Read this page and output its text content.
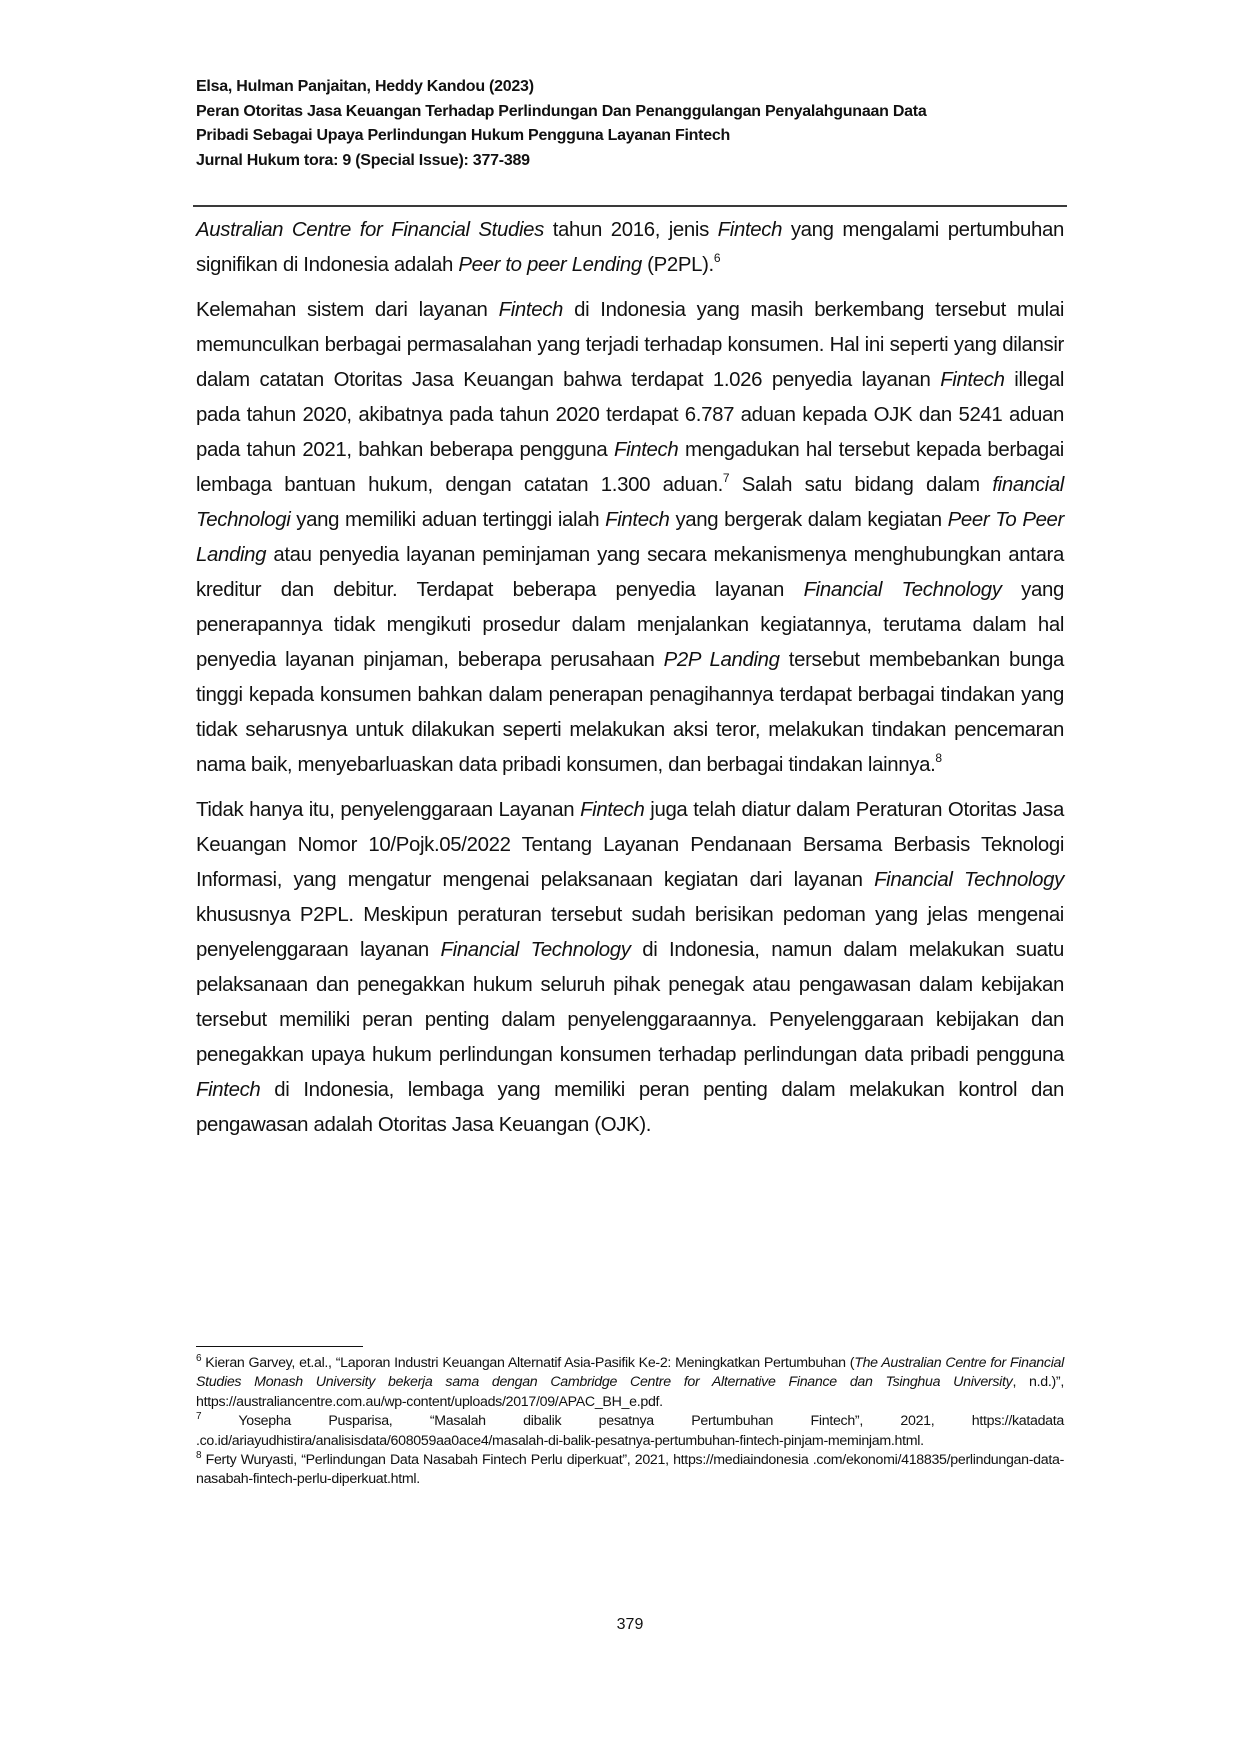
Elsa, Hulman Panjaitan, Heddy Kandou (2023)
Peran Otoritas Jasa Keuangan Terhadap Perlindungan Dan Penanggulangan Penyalahgunaan Data
Pribadi Sebagai Upaya Perlindungan Hukum Pengguna Layanan Fintech
Jurnal Hukum tora: 9 (Special Issue): 377-389

Australian Centre for Financial Studies tahun 2016, jenis Fintech yang mengalami pertumbuhan signifikan di Indonesia adalah Peer to peer Lending (P2PL).$^6$

Kelemahan sistem dari layanan Fintech di Indonesia yang masih berkembang tersebut mulai memunculkan berbagai permasalahan yang terjadi terhadap konsumen. Hal ini seperti yang dilansir dalam catatan Otoritas Jasa Keuangan bahwa terdapat 1.026 penyedia layanan Fintech illegal pada tahun 2020, akibatnya pada tahun 2020 terdapat 6.787 aduan kepada OJK dan 5241 aduan pada tahun 2021, bahkan beberapa pengguna Fintech mengadukan hal tersebut kepada berbagai lembaga bantuan hukum, dengan catatan 1.300 aduan.$^7$ Salah satu bidang dalam financial Technologi yang memiliki aduan tertinggi ialah Fintech yang bergerak dalam kegiatan Peer To Peer Landing atau penyedia layanan peminjaman yang secara mekanismenya menghubungkan antara kreditur dan debitur. Terdapat beberapa penyedia layanan Financial Technology yang penerapannya tidak mengikuti prosedur dalam menjalankan kegiatannya, terutama dalam hal penyedia layanan pinjaman, beberapa perusahaan P2P Landing tersebut membebankan bunga tinggi kepada konsumen bahkan dalam penerapan penagihannya terdapat berbagai tindakan yang tidak seharusnya untuk dilakukan seperti melakukan aksi teror, melakukan tindakan pencemaran nama baik, menyebarluaskan data pribadi konsumen, dan berbagai tindakan lainnya.$^8$

Tidak hanya itu, penyelenggaraan Layanan Fintech juga telah diatur dalam Peraturan Otoritas Jasa Keuangan Nomor 10/Pojk.05/2022 Tentang Layanan Pendanaan Bersama Berbasis Teknologi Informasi, yang mengatur mengenai pelaksanaan kegiatan dari layanan Financial Technology khususnya P2PL. Meskipun peraturan tersebut sudah berisikan pedoman yang jelas mengenai penyelenggaraan layanan Financial Technology di Indonesia, namun dalam melakukan suatu pelaksanaan dan penegakkan hukum seluruh pihak penegak atau pengawasan dalam kebijakan tersebut memiliki peran penting dalam penyelenggaraannya. Penyelenggaraan kebijakan dan penegakkan upaya hukum perlindungan konsumen terhadap perlindungan data pribadi pengguna Fintech di Indonesia, lembaga yang memiliki peran penting dalam melakukan kontrol dan pengawasan adalah Otoritas Jasa Keuangan (OJK).

$^6$ Kieran Garvey, et.al., “Laporan Industri Keuangan Alternatif Asia-Pasifik Ke-2: Meningkatkan Pertumbuhan (The Australian Centre for Financial Studies Monash University bekerja sama dengan Cambridge Centre for Alternative Finance dan Tsinghua University, n.d.)”, https://australiancentre.com.au/wp-content/uploads/2017/09/APAC_BH_e.pdf.

$^7$ Yosepha Pusparisa, “Masalah dibalik pesatnya Pertumbuhan Fintech”, 2021, https://katadata .co.id/ariayudhistira/analisisdata/608059aa0ace4/masalah-di-balik-pesatnya-pertumbuhan-fintech-pinjam-meminjam.html.

$^8$ Ferty Wuryasti, “Perlindungan Data Nasabah Fintech Perlu diperkuat”, 2021, https://mediaindonesia .com/ekonomi/418835/perlindungan-data-nasabah-fintech-perlu-diperkuat.html.

379
